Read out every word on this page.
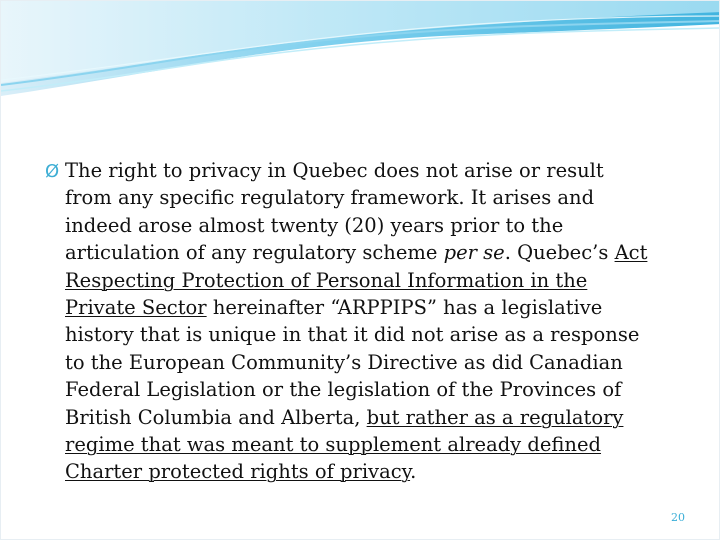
Ø The right to privacy in Quebec does not arise or result
from any specific regulatory framework. It arises and
indeed arose almost twenty (20) years prior to the
articulation of any regulatory scheme per se. Quebec’s Act
Respecting Protection of Personal Information in the
Private Sector hereinafter “ARPPIPS” has a legislative
history that is unique in that it did not arise as a response
to the European Community’s Directive as did Canadian
Federal Legislation or the legislation of the Provinces of
British Columbia and Alberta, but rather as a regulatory
regime that was meant to supplement already defined
Charter protected rights of privacy.
20
